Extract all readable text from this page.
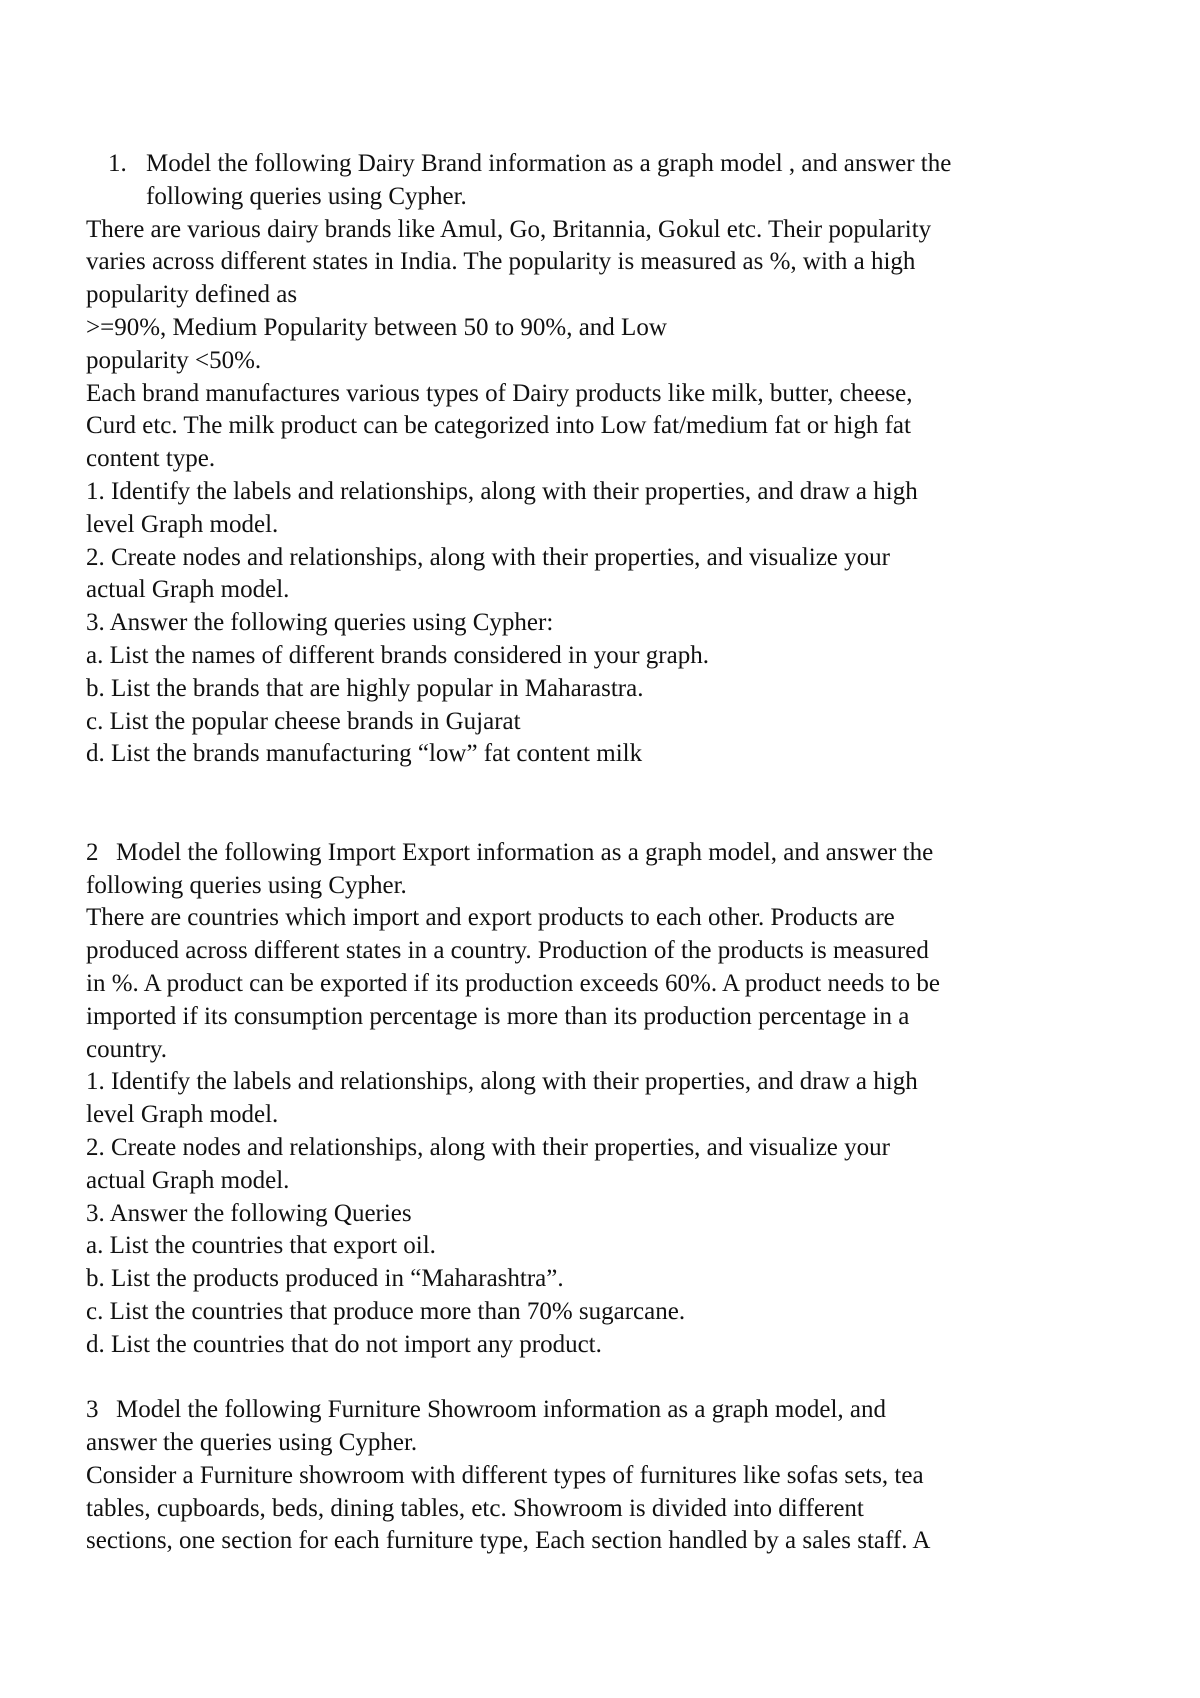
1. Model the following Dairy Brand information as a graph model , and answer the
following queries using Cypher.
There are various dairy brands like Amul, Go, Britannia, Gokul etc. Their popularity
varies across different states in India. The popularity is measured as %, with a high
popularity defined as
>=90%, Medium Popularity between 50 to 90%, and Low
popularity <50%.
Each brand manufactures various types of Dairy products like milk, butter, cheese,
Curd etc. The milk product can be categorized into Low fat/medium fat or high fat
content type.
1. Identify the labels and relationships, along with their properties, and draw a high
level Graph model.
2. Create nodes and relationships, along with their properties, and visualize your
actual Graph model.
3. Answer the following queries using Cypher:
a. List the names of different brands considered in your graph.
b. List the brands that are highly popular in Maharastra.
c. List the popular cheese brands in Gujarat
d. List the brands manufacturing “low” fat content milk
2 Model the following Import Export information as a graph model, and answer the
following queries using Cypher.
There are countries which import and export products to each other. Products are
produced across different states in a country. Production of the products is measured
in %. A product can be exported if its production exceeds 60%. A product needs to be
imported if its consumption percentage is more than its production percentage in a
country.
1. Identify the labels and relationships, along with their properties, and draw a high
level Graph model.
2. Create nodes and relationships, along with their properties, and visualize your
actual Graph model.
3. Answer the following Queries
a. List the countries that export oil.
b. List the products produced in “Maharashtra”.
c. List the countries that produce more than 70% sugarcane.
d. List the countries that do not import any product.
3 Model the following Furniture Showroom information as a graph model, and
answer the queries using Cypher.
Consider a Furniture showroom with different types of furnitures like sofas sets, tea
tables, cupboards, beds, dining tables, etc. Showroom is divided into different
sections, one section for each furniture type, Each section handled by a sales staff. A
